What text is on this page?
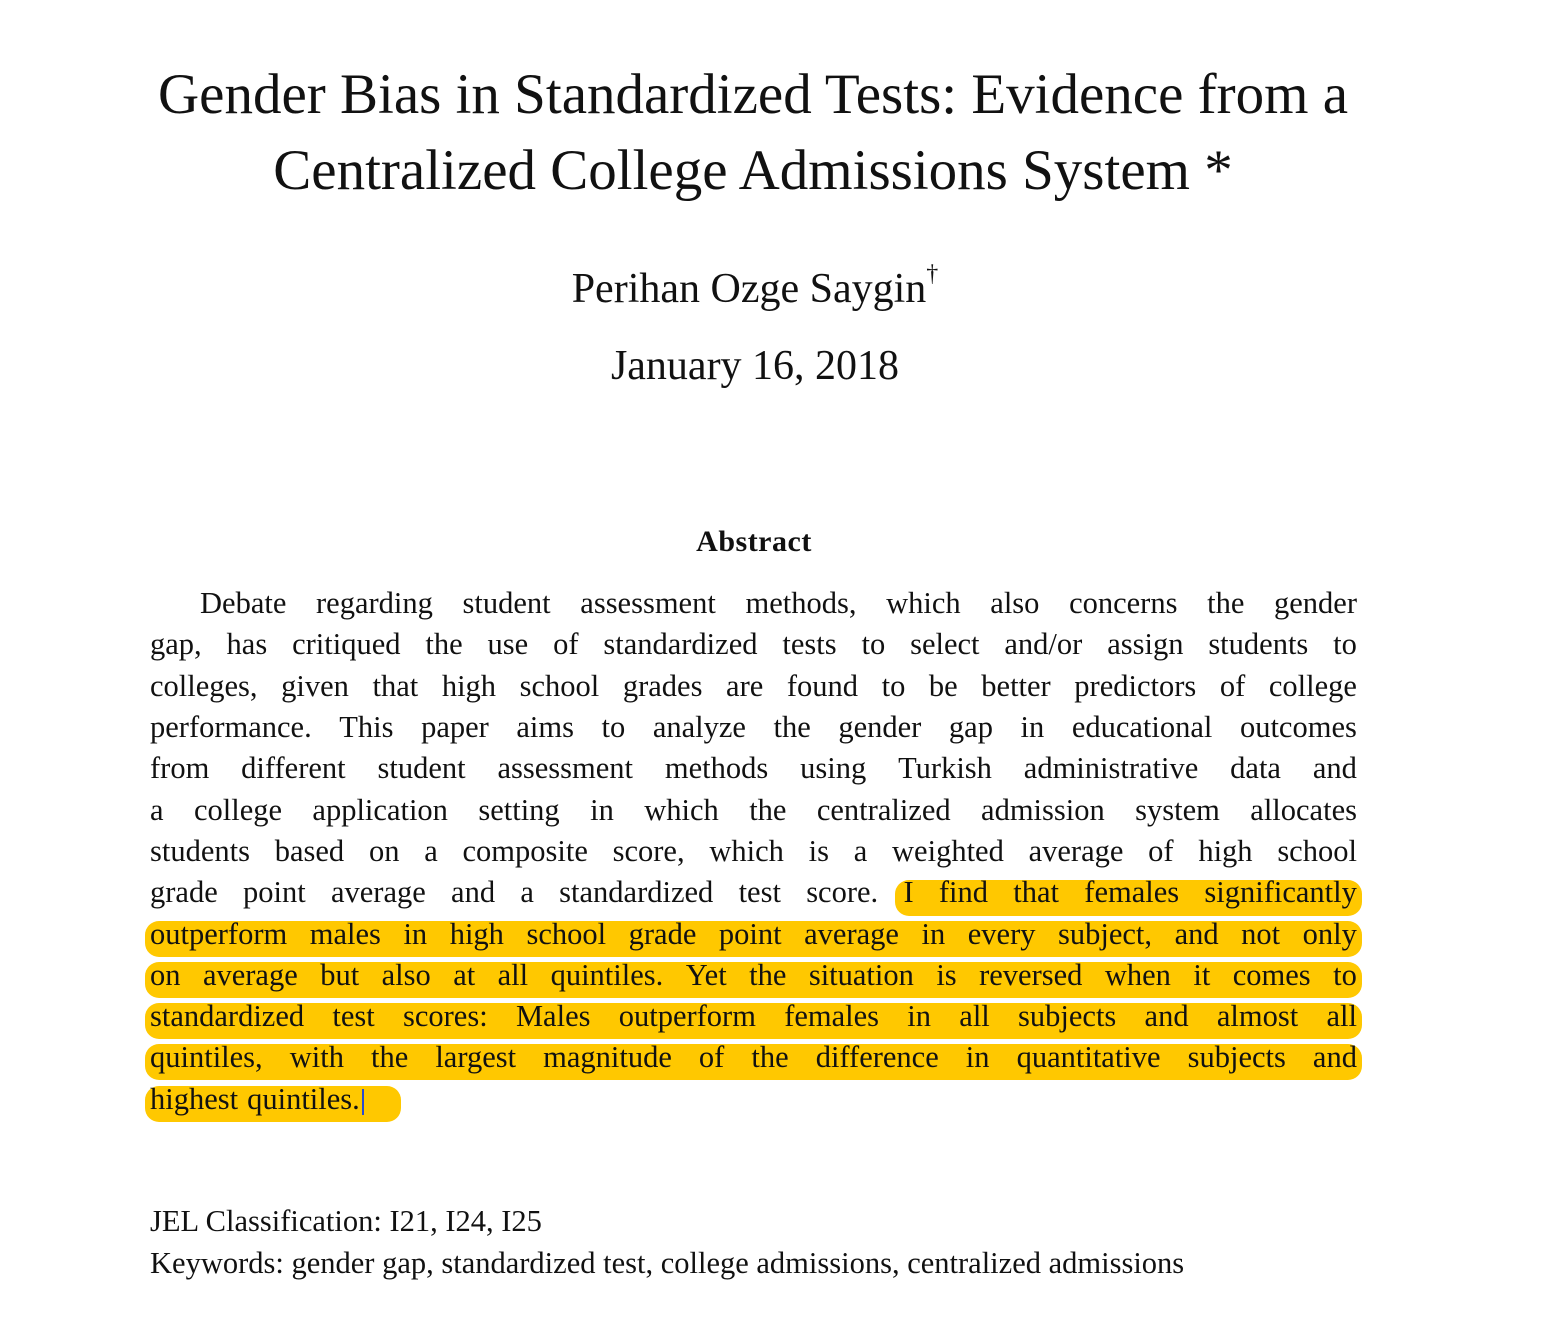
Gender Bias in Standardized Tests: Evidence from a
Centralized College Admissions System *
Perihan Ozge Saygin†
January 16, 2018
Abstract
Debate regarding student assessment methods, which also concerns the gender
gap, has critiqued the use of standardized tests to select and/or assign students to
colleges, given that high school grades are found to be better predictors of college
performance. This paper aims to analyze the gender gap in educational outcomes
from different student assessment methods using Turkish administrative data and
a college application setting in which the centralized admission system allocates
students based on a composite score, which is a weighted average of high school
grade point average and a standardized test score. I find that females significantly
outperform males in high school grade point average in every subject, and not only
on average but also at all quintiles. Yet the situation is reversed when it comes to
standardized test scores: Males outperform females in all subjects and almost all
quintiles, with the largest magnitude of the difference in quantitative subjects and
highest quintiles.
JEL Classification: I21, I24, I25
Keywords: gender gap, standardized test, college admissions, centralized admissions
